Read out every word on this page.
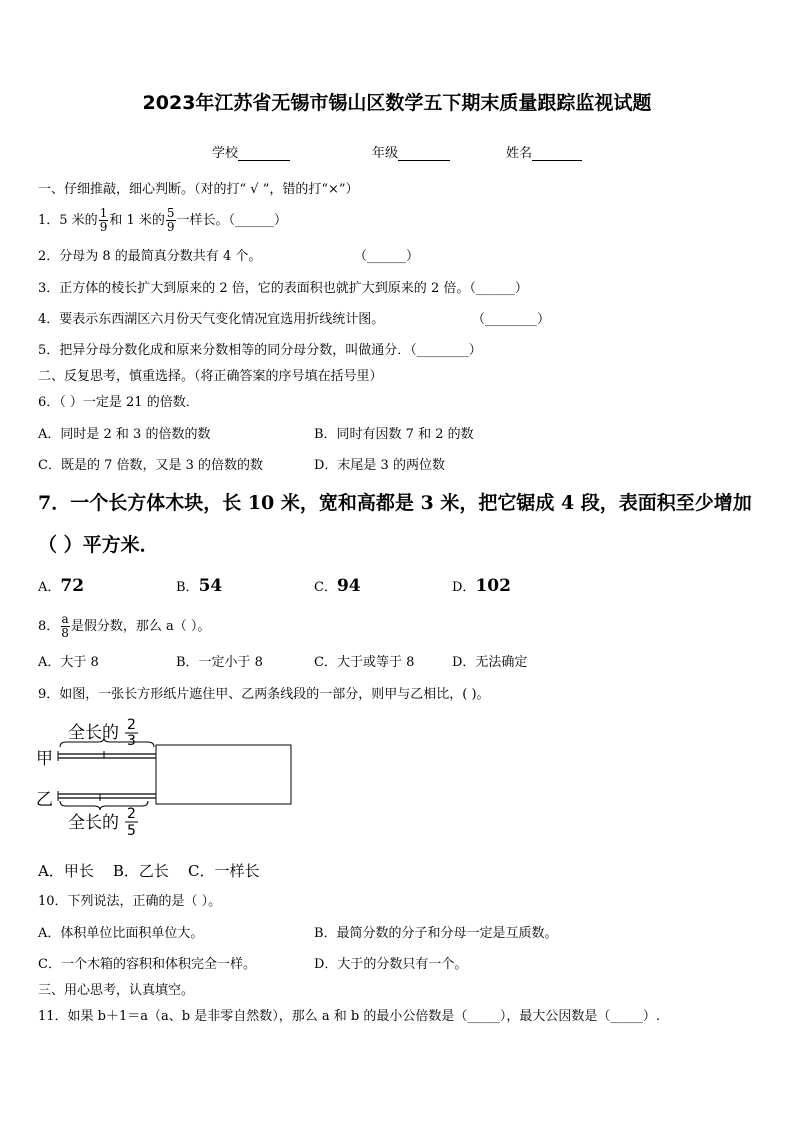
2023年江苏省无锡市锡山区数学五下期末质量跟踪监视试题
学校	年级	姓名
一、仔细推敲，细心判断。（对的打“ √ ”，错的打“×”）
1．5 米的 $\frac{1}{9}$ 和 1 米的 $\frac{5}{9}$ 一样长。（______）
2．分母为 8 的最简真分数共有 4 个。	（______）
3．正方体的棱长扩大到原来的 2 倍，它的表面积也就扩大到原来的 2 倍。（______）
4．要表示东西湖区六月份天气变化情况宜选用折线统计图。	（________）
5．把异分母分数化成和原来分数相等的同分母分数，叫做通分．（________）
二、反复思考，慎重选择。（将正确答案的序号填在括号里）
6．（ ）一定是 21 的倍数．
A．同时是 2 和 3 的倍数的数	B．同时有因数 7 和 2 的数
C．既是的 7 倍数，又是 3 的倍数的数	D．末尾是 3 的两位数
7．一个长方体木块，长 10 米，宽和高都是 3 米，把它锯成 4 段，表面积至少增加
（ ）平方米．
A．72	B．54	C．94	D．102
8． $\frac{a}{8}$ 是假分数，那么 a（ ）。
A．大于 8	B．一定小于 8	C．大于或等于 8	D．无法确定
9．如图，一张长方形纸片遮住甲、乙两条线段的一部分，则甲与乙相比，( )。
全长的 2
3
甲
乙
全长的 2
5
A．甲长    B．乙长    C．一样长
10．下列说法，正确的是（ ）。
A．体积单位比面积单位大。	B．最简分数的分子和分母一定是互质数。
C．一个木箱的容积和体积完全一样。	D．大于的分数只有一个。
三、用心思考，认真填空。
11．如果 b＋1＝a（a、b 是非零自然数），那么 a 和 b 的最小公倍数是（_____），最大公因数是（_____）.
